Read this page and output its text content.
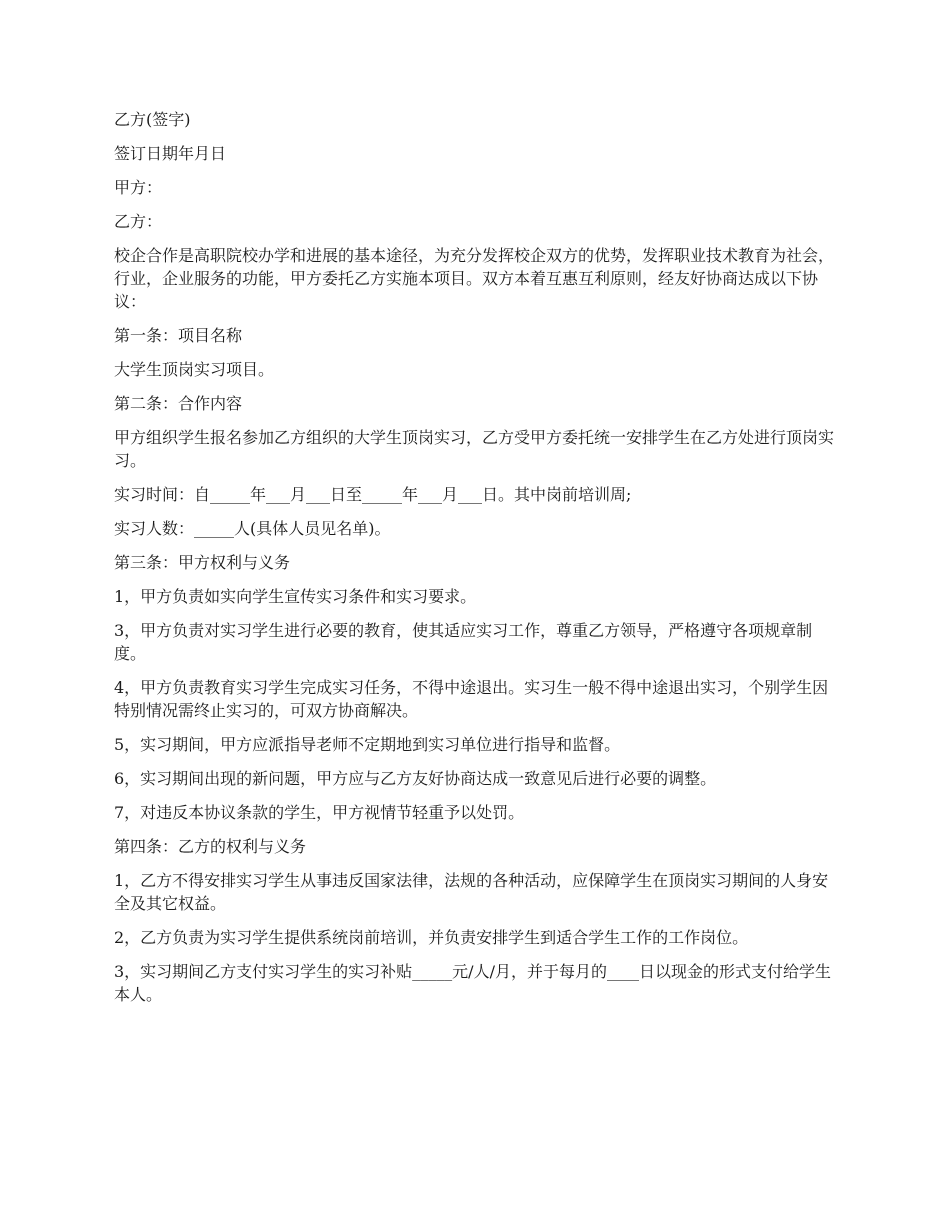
乙方(签字)

签订日期年月日

甲方：

乙方：

校企合作是高职院校办学和进展的基本途径，为充分发挥校企双方的优势，发挥职业技术教育为社会，行业，企业服务的功能，甲方委托乙方实施本项目。双方本着互惠互利原则，经友好协商达成以下协议：

第一条：项目名称

大学生顶岗实习项目。

第二条：合作内容

甲方组织学生报名参加乙方组织的大学生顶岗实习，乙方受甲方委托统一安排学生在乙方处进行顶岗实习。

实习时间：自_____年___月___日至_____年___月___日。其中岗前培训周;

实习人数：_____人(具体人员见名单)。

第三条：甲方权利与义务

1，甲方负责如实向学生宣传实习条件和实习要求。

3，甲方负责对实习学生进行必要的教育，使其适应实习工作，尊重乙方领导，严格遵守各项规章制度。

4，甲方负责教育实习学生完成实习任务，不得中途退出。实习生一般不得中途退出实习，个别学生因特别情况需终止实习的，可双方协商解决。

5，实习期间，甲方应派指导老师不定期地到实习单位进行指导和监督。

6，实习期间出现的新问题，甲方应与乙方友好协商达成一致意见后进行必要的调整。

7，对违反本协议条款的学生，甲方视情节轻重予以处罚。

第四条：乙方的权利与义务

1，乙方不得安排实习学生从事违反国家法律，法规的各种活动，应保障学生在顶岗实习期间的人身安全及其它权益。

2，乙方负责为实习学生提供系统岗前培训，并负责安排学生到适合学生工作的工作岗位。

3，实习期间乙方支付实习学生的实习补贴_____元/人/月，并于每月的____日以现金的形式支付给学生本人。
